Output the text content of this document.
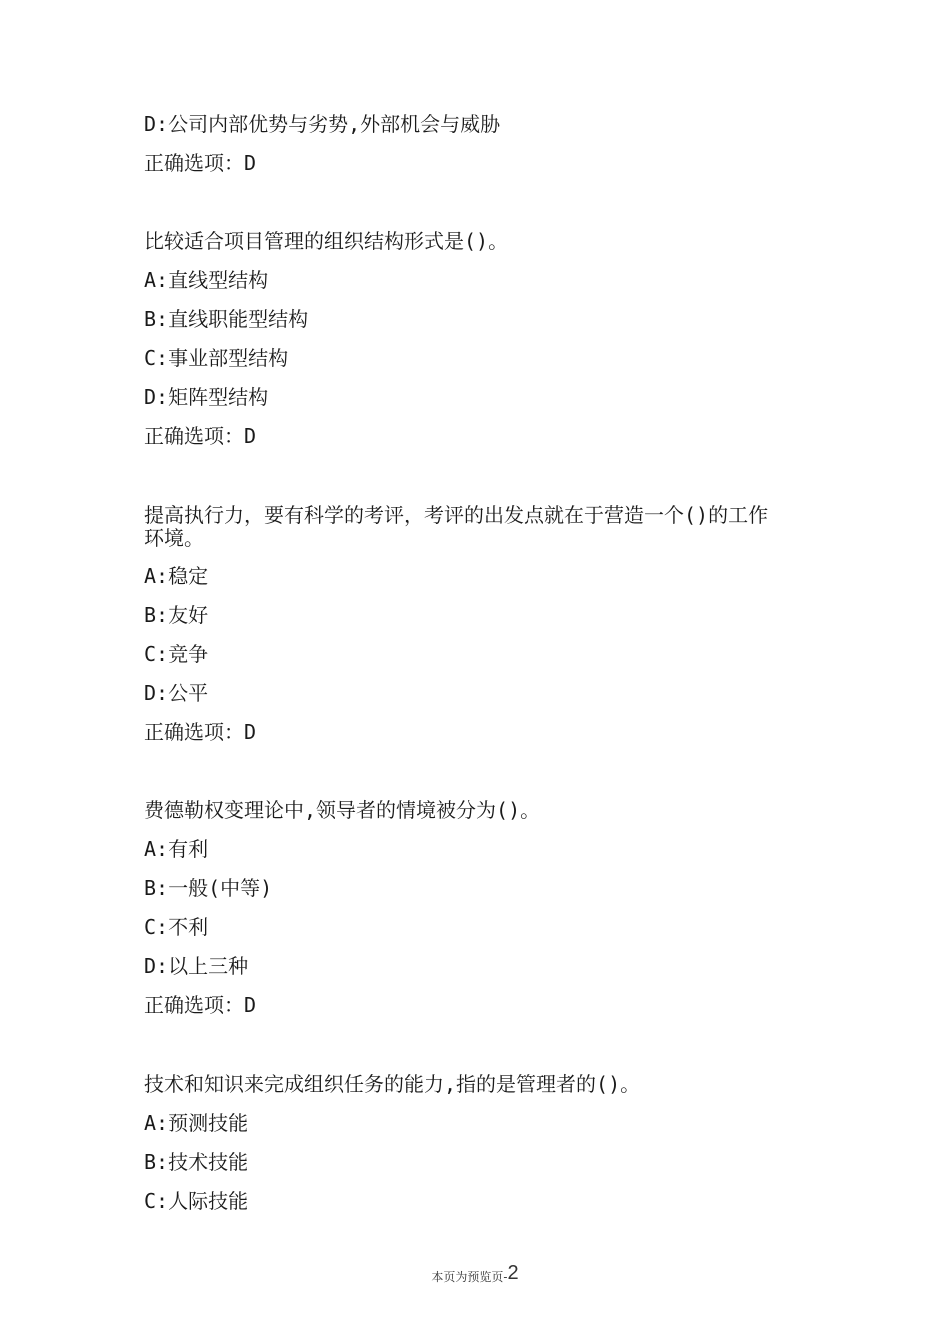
D:公司内部优势与劣势,外部机会与威胁
正确选项：D
比较适合项目管理的组织结构形式是()。
A:直线型结构
B:直线职能型结构
C:事业部型结构
D:矩阵型结构
正确选项：D
提高执行力，要有科学的考评，考评的出发点就在于营造一个()的工作
环境。
A:稳定
B:友好
C:竞争
D:公平
正确选项：D
费德勒权变理论中,领导者的情境被分为()。
A:有利
B:一般(中等)
C:不利
D:以上三种
正确选项：D
技术和知识来完成组织任务的能力,指的是管理者的()。
A:预测技能
B:技术技能
C:人际技能
本页为预览页-2
